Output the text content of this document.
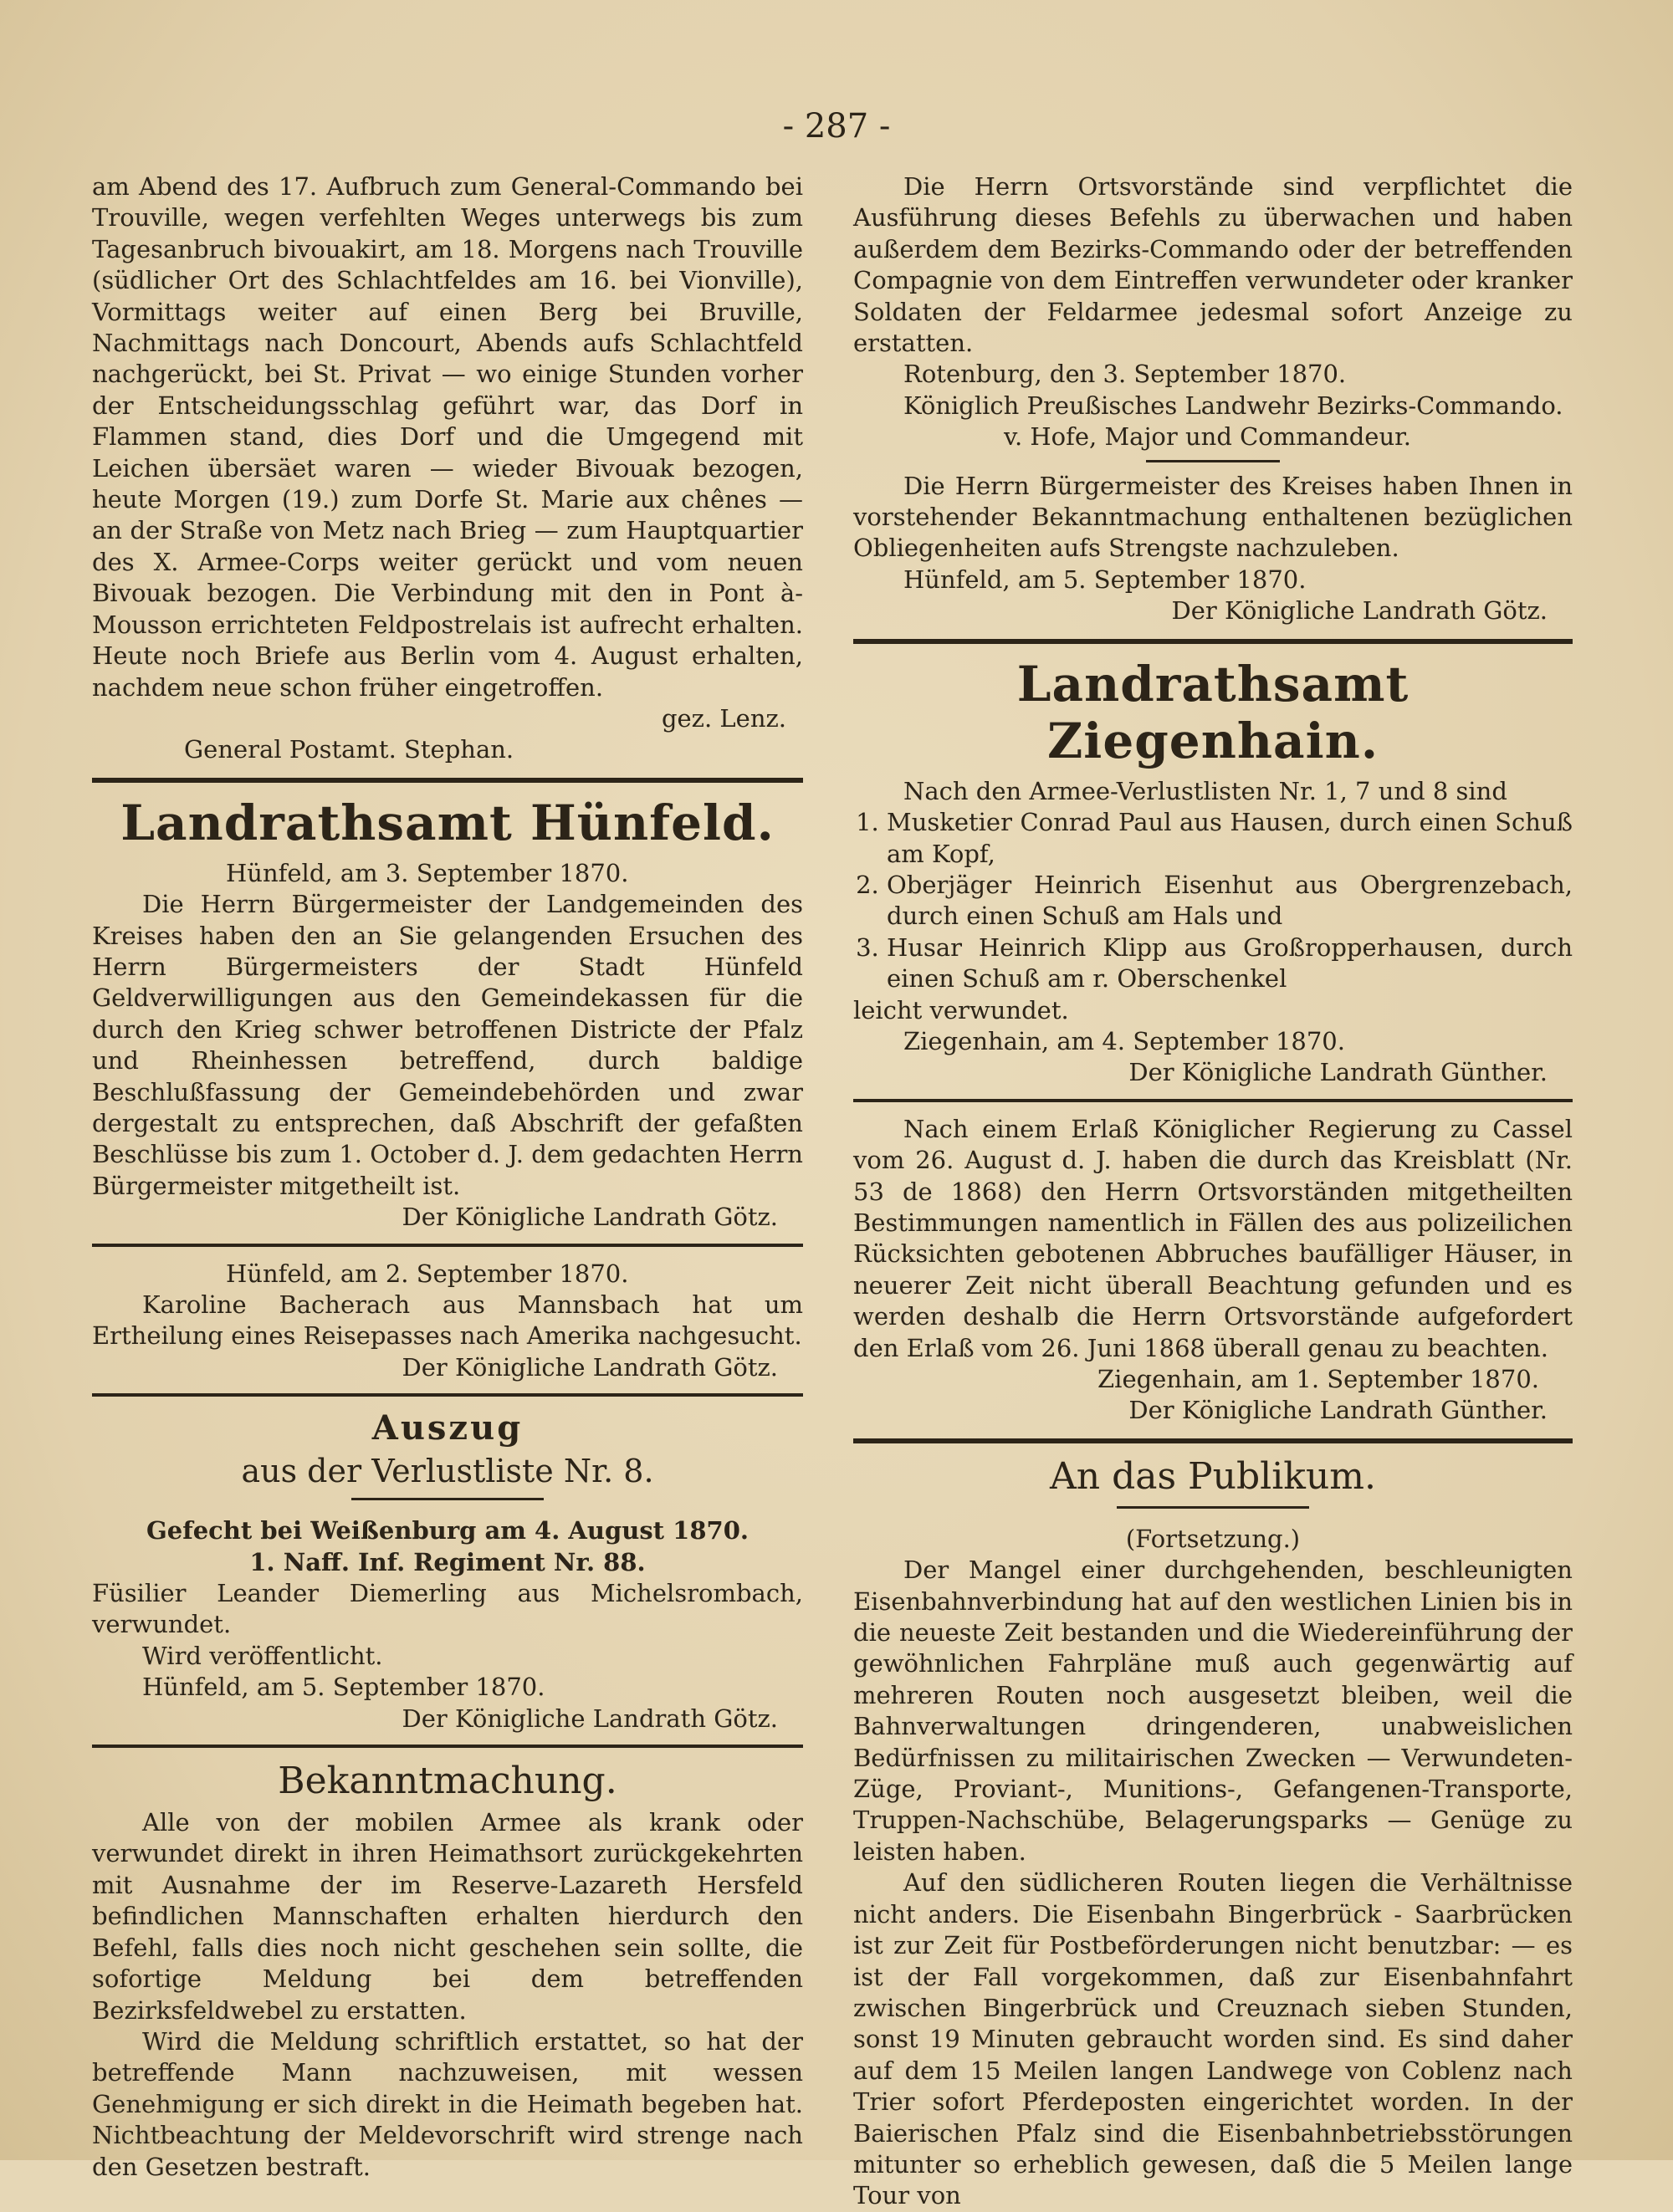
- 287 -

am Abend des 17. Aufbruch zum General-Commando bei Trouville, wegen verfehlten Weges unterwegs bis zum Tagesanbruch bivouakirt, am 18. Morgens nach Trouville (südlicher Ort des Schlachtfeldes am 16. bei Vionville), Vormittags weiter auf einen Berg bei Bruville, Nachmittags nach Doncourt, Abends aufs Schlachtfeld nachgerückt, bei St. Privat — wo einige Stunden vorher der Entscheidungsschlag geführt war, das Dorf in Flammen stand, dies Dorf und die Umgegend mit Leichen übersäet waren — wieder Bivouak bezogen, heute Morgen (19.) zum Dorfe St. Marie aux chênes — an der Straße von Metz nach Brieg — zum Hauptquartier des X. Armee-Corps weiter gerückt und vom neuen Bivouak bezogen. Die Verbindung mit den in Pont à-Mousson errichteten Feldpostrelais ist aufrecht erhalten. Heute noch Briefe aus Berlin vom 4. August erhalten, nachdem neue schon früher eingetroffen.

gez. Lenz.

General Postamt. Stephan.

Landrathsamt Hünfeld.

Hünfeld, am 3. September 1870.

Die Herrn Bürgermeister der Landgemeinden des Kreises haben den an Sie gelangenden Ersuchen des Herrn Bürgermeisters der Stadt Hünfeld Geldverwilligungen aus den Gemeindekassen für die durch den Krieg schwer betroffenen Districte der Pfalz und Rheinhessen betreffend, durch baldige Beschlußfassung der Gemeindebehörden und zwar dergestalt zu entsprechen, daß Abschrift der gefaßten Beschlüsse bis zum 1. October d. J. dem gedachten Herrn Bürgermeister mitgetheilt ist.

Der Königliche Landrath Götz.

Hünfeld, am 2. September 1870.

Karoline Bacherach aus Mannsbach hat um Ertheilung eines Reisepasses nach Amerika nachgesucht.

Der Königliche Landrath Götz.

Auszug
aus der Verlustliste Nr. 8.

Gefecht bei Weißenburg am 4. August 1870.

1. Naff. Inf. Regiment Nr. 88.

Füsilier Leander Diemerling aus Michelsrombach, verwundet.

Wird veröffentlicht.

Hünfeld, am 5. September 1870.

Der Königliche Landrath Götz.

Bekanntmachung.

Alle von der mobilen Armee als krank oder verwundet direkt in ihren Heimathsort zurückgekehrten mit Ausnahme der im Reserve-Lazareth Hersfeld befindlichen Mannschaften erhalten hierdurch den Befehl, falls dies noch nicht geschehen sein sollte, die sofortige Meldung bei dem betreffenden Bezirksfeldwebel zu erstatten.

Wird die Meldung schriftlich erstattet, so hat der betreffende Mann nachzuweisen, mit wessen Genehmigung er sich direkt in die Heimath begeben hat. Nichtbeachtung der Meldevorschrift wird strenge nach den Gesetzen bestraft.

Die Herrn Ortsvorstände sind verpflichtet die Ausführung dieses Befehls zu überwachen und haben außerdem dem Bezirks-Commando oder der betreffenden Compagnie von dem Eintreffen verwundeter oder kranker Soldaten der Feldarmee jedesmal sofort Anzeige zu erstatten.

Rotenburg, den 3. September 1870.

Königlich Preußisches Landwehr Bezirks-Commando.

v. Hofe, Major und Commandeur.

Die Herrn Bürgermeister des Kreises haben Ihnen in vorstehender Bekanntmachung enthaltenen bezüglichen Obliegenheiten aufs Strengste nachzuleben.

Hünfeld, am 5. September 1870.

Der Königliche Landrath Götz.

Landrathsamt Ziegenhain.

Nach den Armee-Verlustlisten Nr. 1, 7 und 8 sind

1. Musketier Conrad Paul aus Hausen, durch einen Schuß am Kopf,
2. Oberjäger Heinrich Eisenhut aus Obergrenzebach, durch einen Schuß am Hals und
3. Husar Heinrich Klipp aus Großropperhausen, durch einen Schuß am r. Oberschenkel

leicht verwundet.

Ziegenhain, am 4. September 1870.

Der Königliche Landrath Günther.

Nach einem Erlaß Königlicher Regierung zu Cassel vom 26. August d. J. haben die durch das Kreisblatt (Nr. 53 de 1868) den Herrn Ortsvorständen mitgetheilten Bestimmungen namentlich in Fällen des aus polizeilichen Rücksichten gebotenen Abbruches baufälliger Häuser, in neuerer Zeit nicht überall Beachtung gefunden und es werden deshalb die Herrn Ortsvorstände aufgefordert den Erlaß vom 26. Juni 1868 überall genau zu beachten.

Ziegenhain, am 1. September 1870.

Der Königliche Landrath Günther.

An das Publikum.

(Fortsetzung.)

Der Mangel einer durchgehenden, beschleunigten Eisenbahnverbindung hat auf den westlichen Linien bis in die neueste Zeit bestanden und die Wiedereinführung der gewöhnlichen Fahrpläne muß auch gegenwärtig auf mehreren Routen noch ausgesetzt bleiben, weil die Bahnverwaltungen dringenderen, unabweislichen Bedürfnissen zu militairischen Zwecken — Verwundeten-Züge, Proviant-, Munitions-, Gefangenen-Transporte, Truppen-Nachschübe, Belagerungsparks — Genüge zu leisten haben.

Auf den südlicheren Routen liegen die Verhältnisse nicht anders. Die Eisenbahn Bingerbrück - Saarbrücken ist zur Zeit für Postbeförderungen nicht benutzbar: — es ist der Fall vorgekommen, daß zur Eisenbahnfahrt zwischen Bingerbrück und Creuznach sieben Stunden, sonst 19 Minuten gebraucht worden sind. Es sind daher auf dem 15 Meilen langen Landwege von Coblenz nach Trier sofort Pferdeposten eingerichtet worden. In der Baierischen Pfalz sind die Eisenbahnbetriebsstörungen mitunter so erheblich gewesen, daß die 5 Meilen lange Tour von
